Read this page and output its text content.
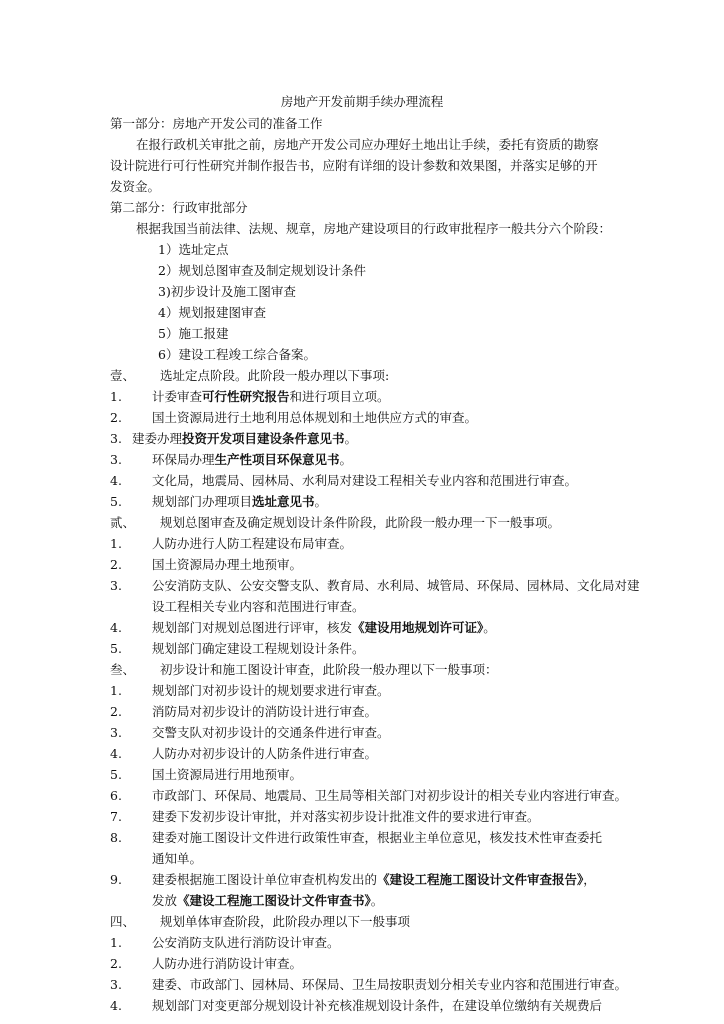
房地产开发前期手续办理流程
第一部分：房地产开发公司的准备工作
在报行政机关审批之前，房地产开发公司应办理好土地出让手续，委托有资质的勘察
设计院进行可行性研究并制作报告书，应附有详细的设计参数和效果图，并落实足够的开
发资金。
第二部分：行政审批部分
根据我国当前法律、法规、规章，房地产建设项目的行政审批程序一般共分六个阶段：
1）选址定点
2）规划总图审查及制定规划设计条件
3)初步设计及施工图审查
4）规划报建图审查
5）施工报建
6）建设工程竣工综合备案。
壹、 选址定点阶段。此阶段一般办理以下事项:
1. 计委审查可行性研究报告和进行项目立项。
2. 国土资源局进行土地利用总体规划和土地供应方式的审查。
3. 建委办理投资开发项目建设条件意见书。
3. 环保局办理生产性项目环保意见书。
4. 文化局，地震局、园林局、水利局对建设工程相关专业内容和范围进行审查。
5. 规划部门办理项目选址意见书。
贰、 规划总图审查及确定规划设计条件阶段，此阶段一般办理一下一般事项。
1. 人防办进行人防工程建设布局审查。
2. 国土资源局办理土地预审。
3. 公安消防支队、公安交警支队、教育局、水利局、城管局、环保局、园林局、文化局对建
设工程相关专业内容和范围进行审查。
4. 规划部门对规划总图进行评审，核发《建设用地规划许可证》。
5. 规划部门确定建设工程规划设计条件。
叁、 初步设计和施工图设计审查，此阶段一般办理以下一般事项：
1. 规划部门对初步设计的规划要求进行审查。
2. 消防局对初步设计的消防设计进行审查。
3. 交警支队对初步设计的交通条件进行审查。
4. 人防办对初步设计的人防条件进行审查。
5. 国土资源局进行用地预审。
6. 市政部门、环保局、地震局、卫生局等相关部门对初步设计的相关专业内容进行审查。
7. 建委下发初步设计审批，并对落实初步设计批准文件的要求进行审查。
8. 建委对施工图设计文件进行政策性审查，根据业主单位意见，核发技术性审查委托
通知单。
9. 建委根据施工图设计单位审查机构发出的《建设工程施工图设计文件审查报告》，
发放《建设工程施工图设计文件审查书》。
四、 规划单体审查阶段，此阶段办理以下一般事项
1. 公安消防支队进行消防设计审查。
2. 人防办进行消防设计审查。
3. 建委、市政部门、园林局、环保局、卫生局按职责划分相关专业内容和范围进行审查。
4. 规划部门对变更部分规划设计补充核准规划设计条件，在建设单位缴纳有关规费后
